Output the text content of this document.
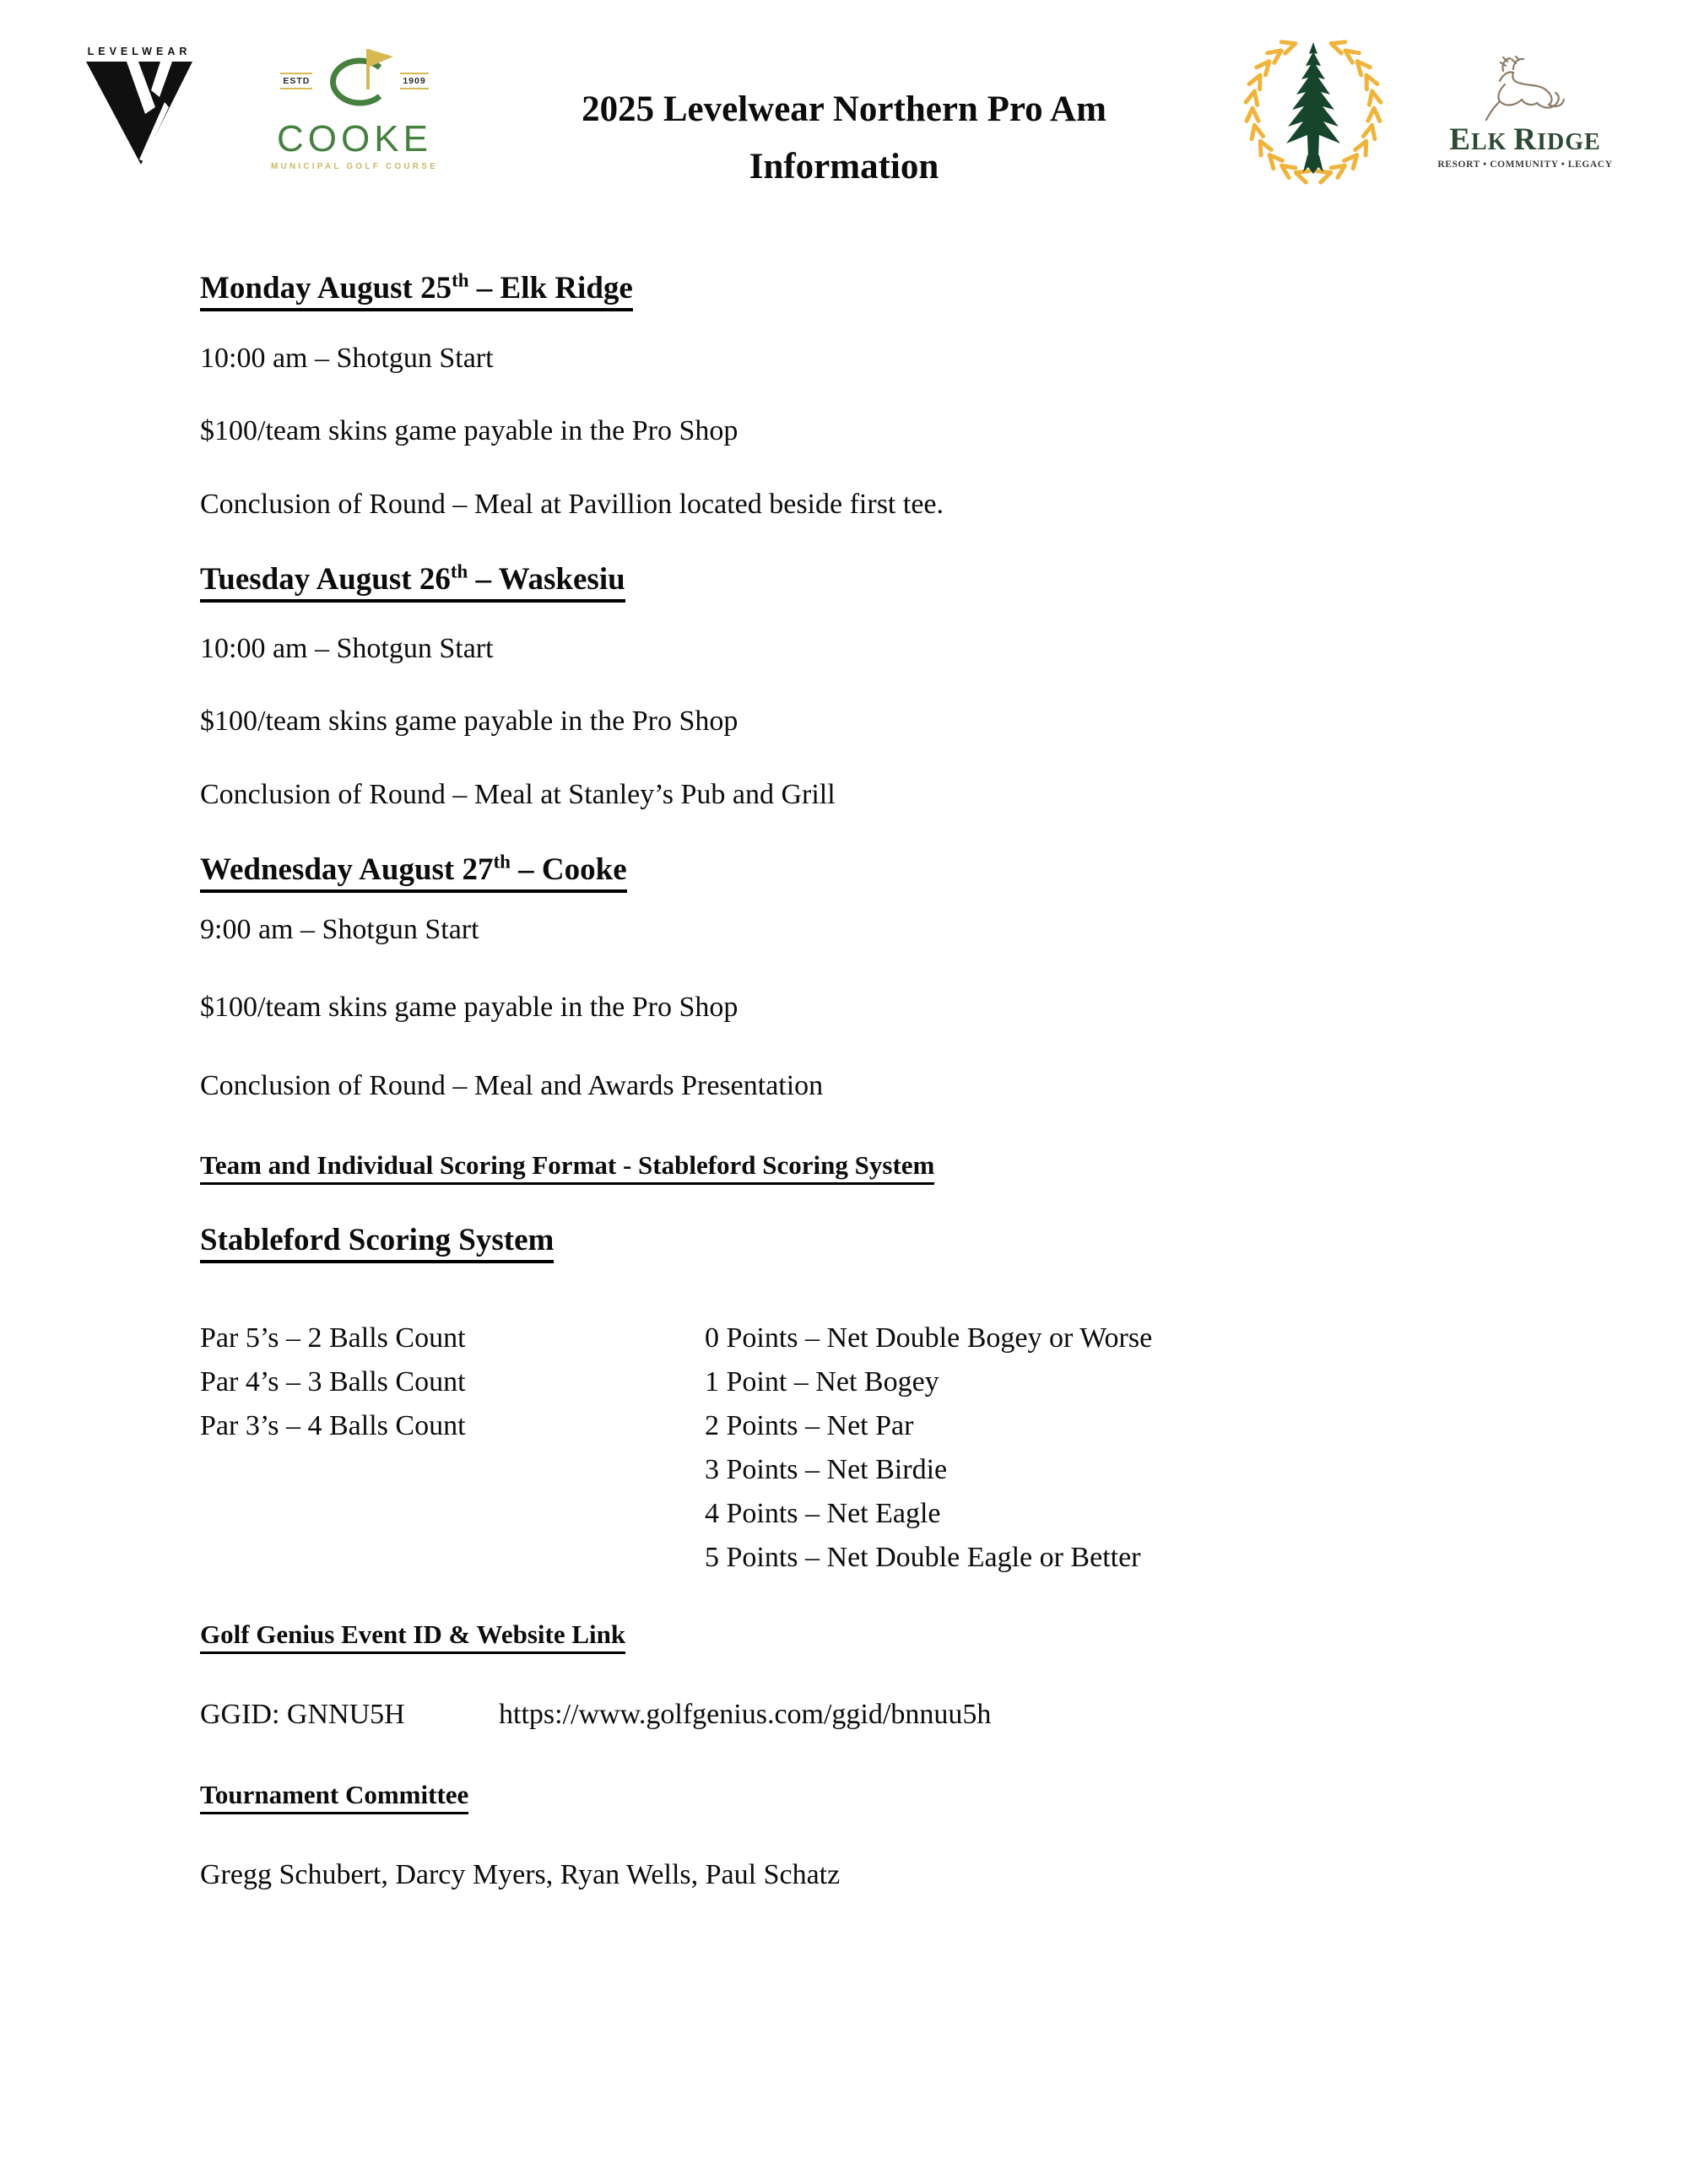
LEVELWEAR
ESTD	1909
COOKE
MUNICIPAL GOLF COURSE
2025 Levelwear Northern Pro Am
Information
ELK RIDGE
RESORT • COMMUNITY • LEGACY
Monday August 25th – Elk Ridge
10:00 am – Shotgun Start
$100/team skins game payable in the Pro Shop
Conclusion of Round – Meal at Pavillion located beside first tee.
Tuesday August 26th – Waskesiu
10:00 am – Shotgun Start
$100/team skins game payable in the Pro Shop
Conclusion of Round – Meal at Stanley’s Pub and Grill
Wednesday August 27th – Cooke
9:00 am – Shotgun Start
$100/team skins game payable in the Pro Shop
Conclusion of Round – Meal and Awards Presentation
Team and Individual Scoring Format - Stableford Scoring System
Stableford Scoring System
Par 5’s – 2 Balls Count
Par 4’s – 3 Balls Count
Par 3’s – 4 Balls Count
0 Points – Net Double Bogey or Worse
1 Point – Net Bogey
2 Points – Net Par
3 Points – Net Birdie
4 Points – Net Eagle
5 Points – Net Double Eagle or Better
Golf Genius Event ID & Website Link
GGID: GNNU5H	https://www.golfgenius.com/ggid/bnnuu5h
Tournament Committee
Gregg Schubert, Darcy Myers, Ryan Wells, Paul Schatz
